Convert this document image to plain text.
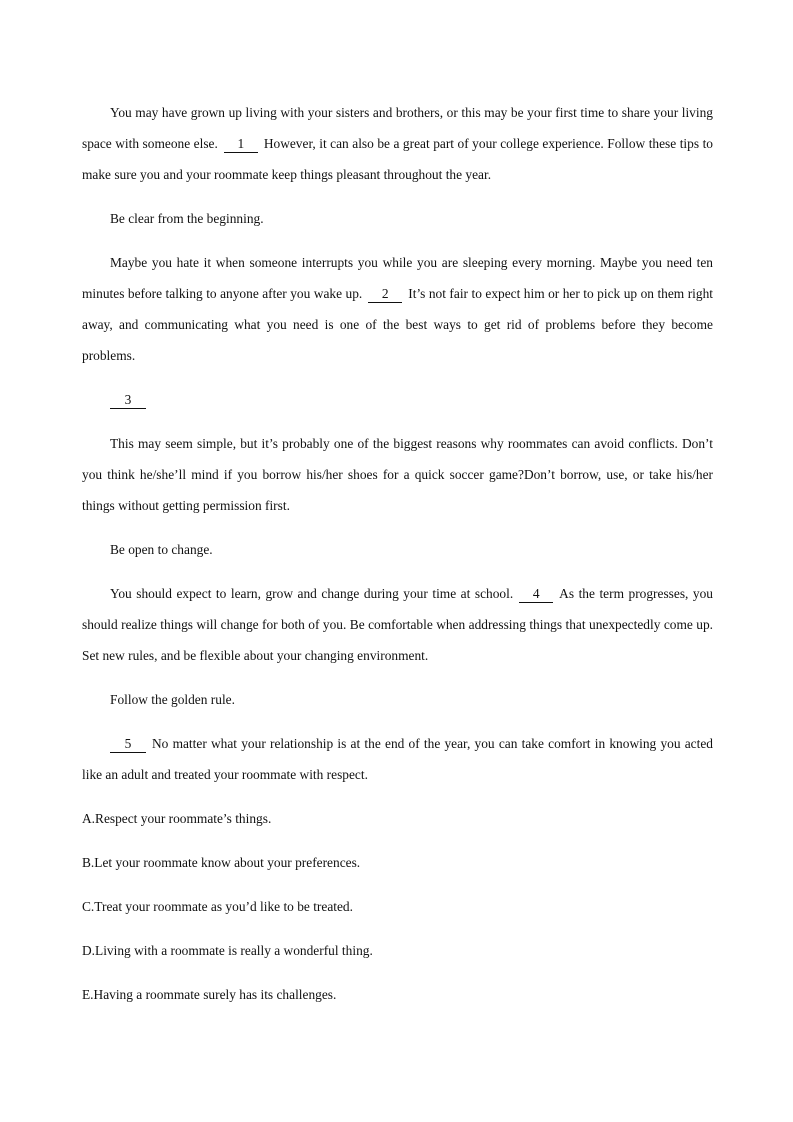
You may have grown up living with your sisters and brothers, or this may be your first time to share your living space with someone else. 1 However, it can also be a great part of your college experience. Follow these tips to make sure you and your roommate keep things pleasant throughout the year.

Be clear from the beginning.

Maybe you hate it when someone interrupts you while you are sleeping every morning. Maybe you need ten minutes before talking to anyone after you wake up. 2 It’s not fair to expect him or her to pick up on them right away, and communicating what you need is one of the best ways to get rid of problems before they become problems.

3

This may seem simple, but it’s probably one of the biggest reasons why roommates can avoid conflicts. Don’t you think he/she’ll mind if you borrow his/her shoes for a quick soccer game?Don’t borrow, use, or take his/her things without getting permission first.

Be open to change.

You should expect to learn, grow and change during your time at school. 4 As the term progresses, you should realize things will change for both of you. Be comfortable when addressing things that unexpectedly come up. Set new rules, and be flexible about your changing environment.

Follow the golden rule.

5 No matter what your relationship is at the end of the year, you can take comfort in knowing you acted like an adult and treated your roommate with respect.

A.Respect your roommate’s things.

B.Let your roommate know about your preferences.

C.Treat your roommate as you’d like to be treated.

D.Living with a roommate is really a wonderful thing.

E.Having a roommate surely has its challenges.
